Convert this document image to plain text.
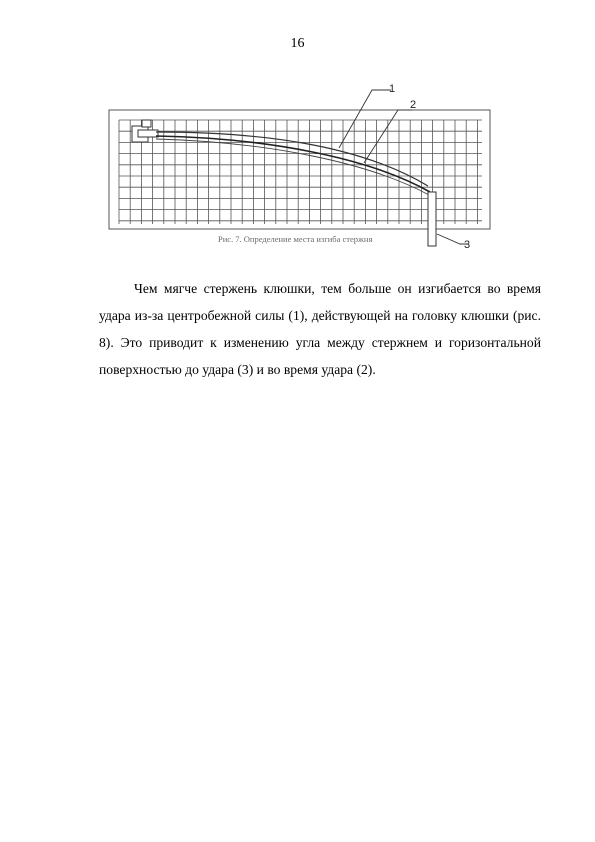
16
1
2
3
Рис. 7. Определение места изгиба стержня

Чем мягче стержень клюшки, тем больше он изгибается во время удара из-за центробежной силы (1), действующей на головку клюшки (рис. 8). Это приводит к изменению угла между стержнем и горизонтальной поверхностью до удара (3) и во время удара (2).
